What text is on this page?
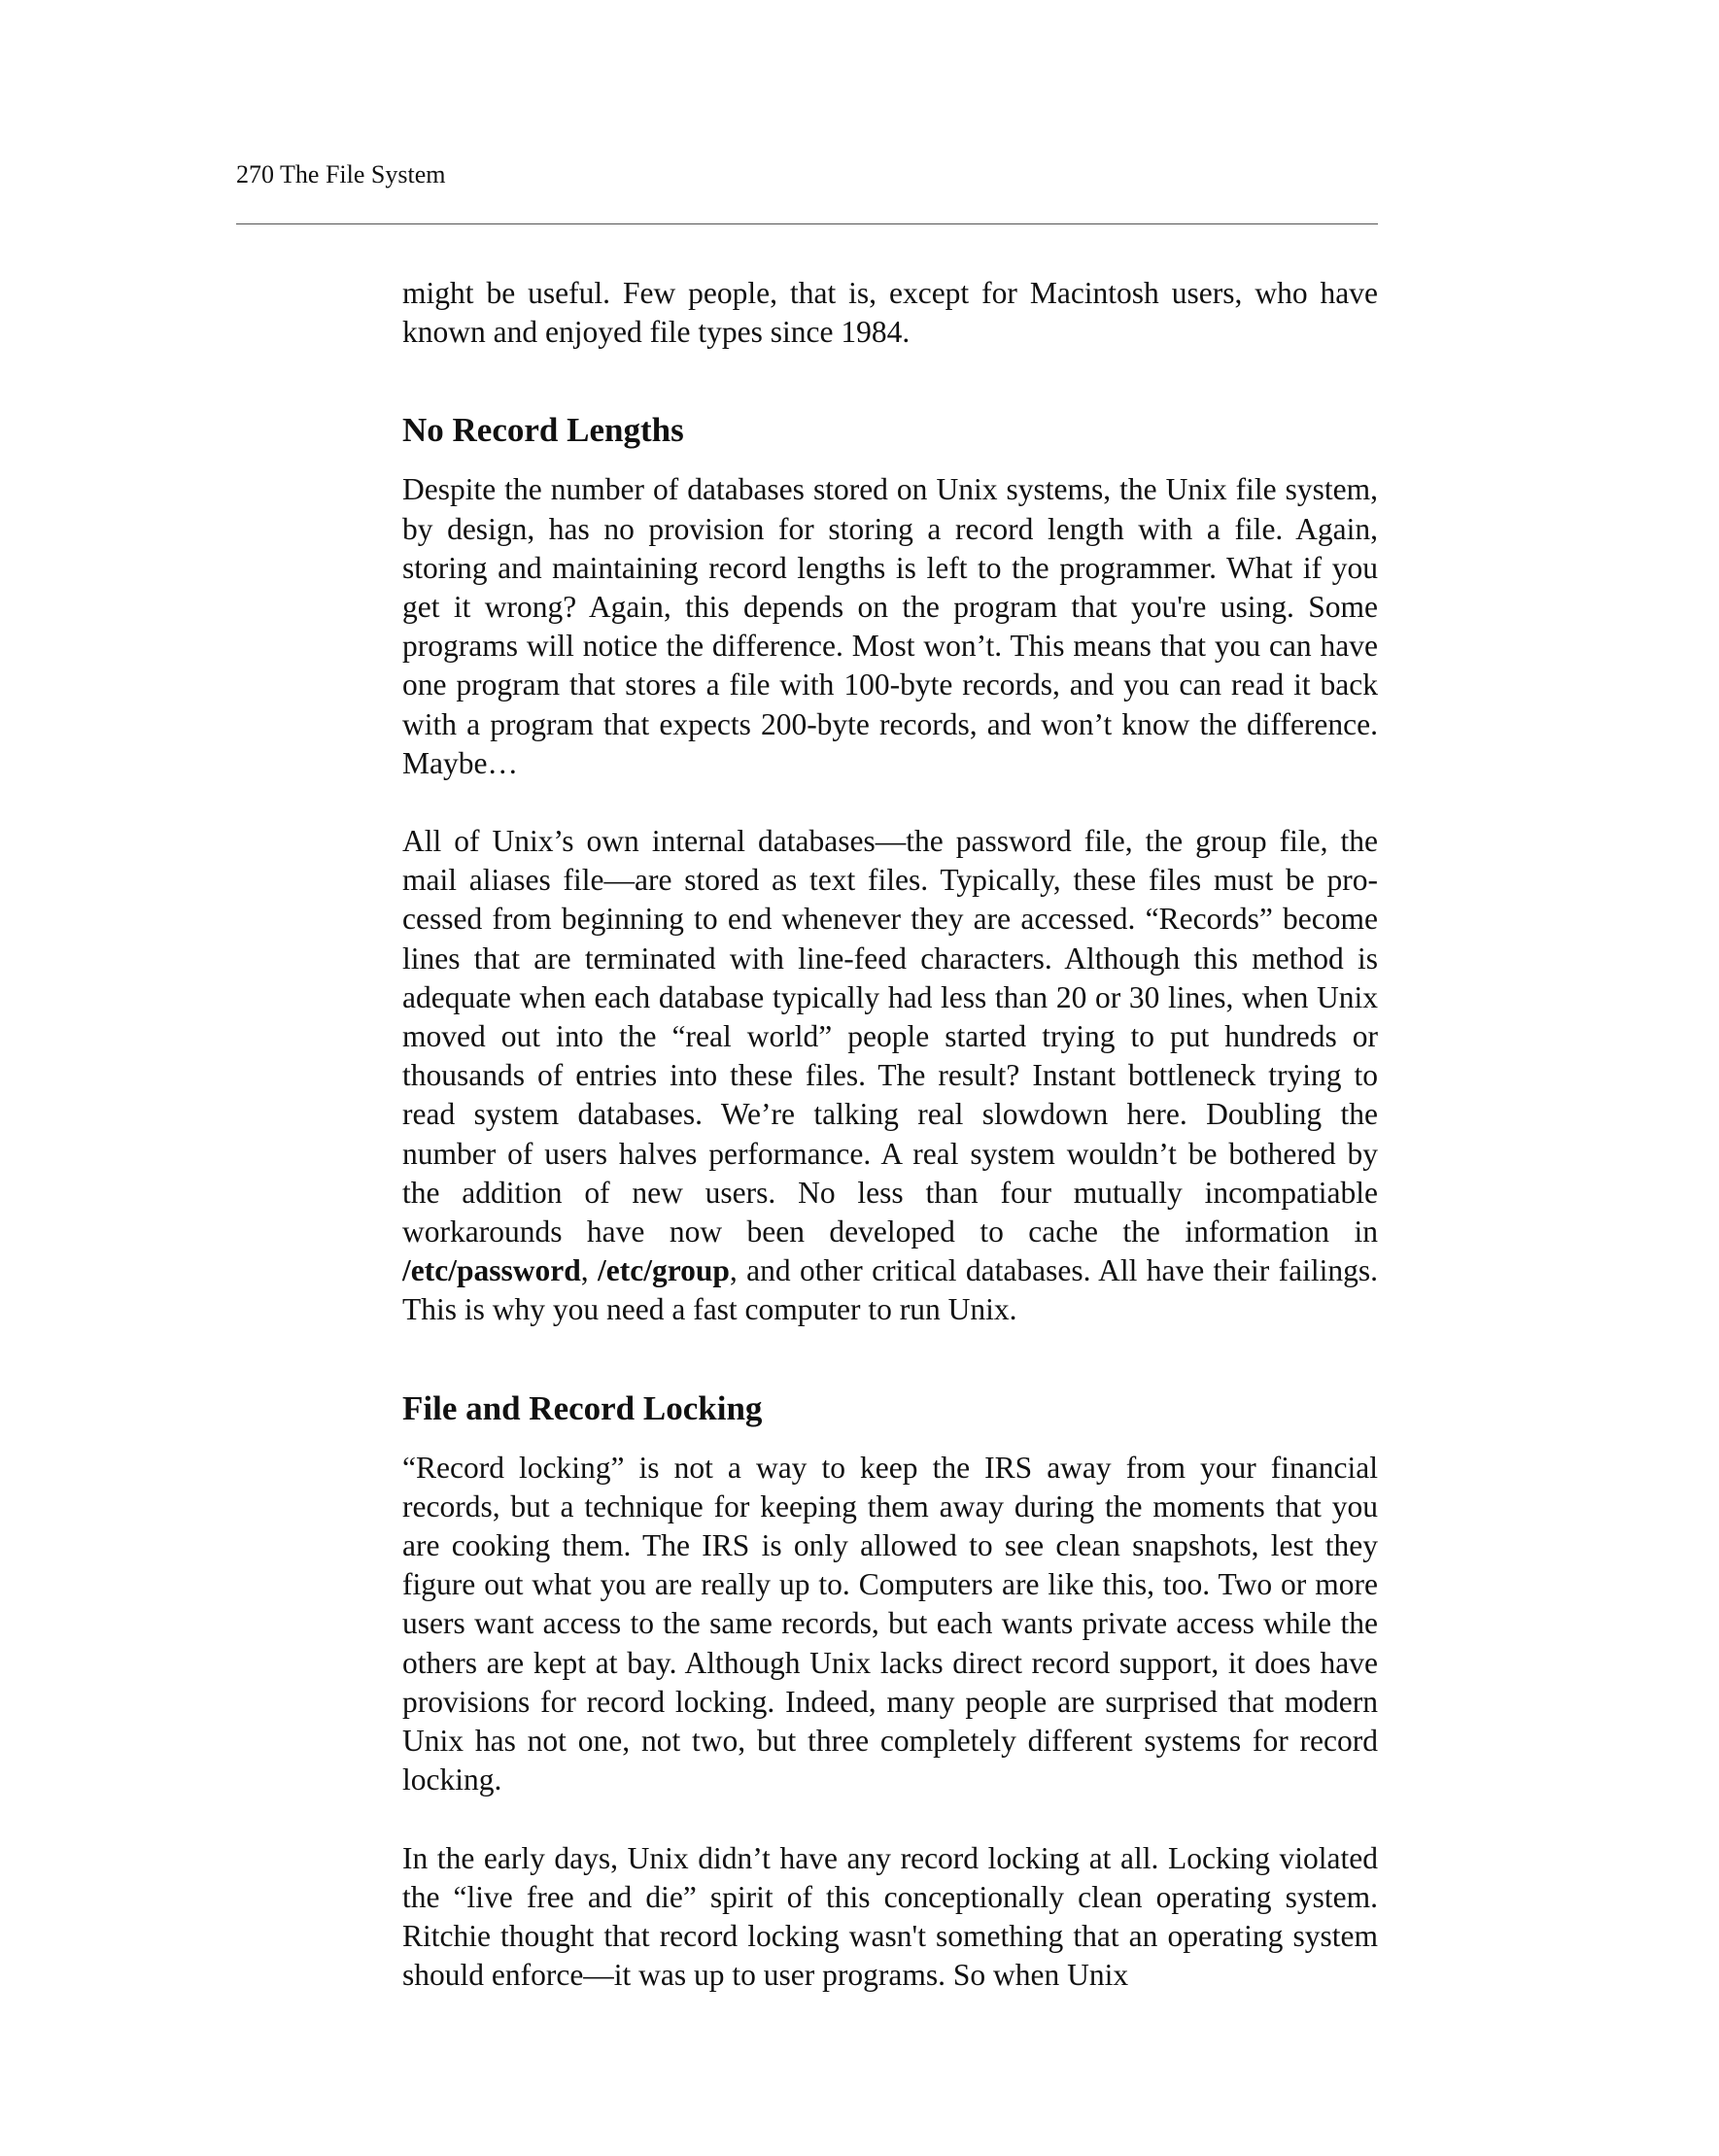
270 The File System

might be useful. Few people, that is, except for Macintosh users, who have known and enjoyed file types since 1984.

No Record Lengths

Despite the number of databases stored on Unix systems, the Unix file system, by design, has no provision for storing a record length with a file. Again, storing and maintaining record lengths is left to the programmer. What if you get it wrong? Again, this depends on the program that you're using. Some programs will notice the difference. Most won’t. This means that you can have one program that stores a file with 100-byte records, and you can read it back with a program that expects 200-byte records, and won’t know the difference. Maybe…

All of Unix’s own internal databases—the password file, the group file, the mail aliases file—are stored as text files. Typically, these files must be processed from beginning to end whenever they are accessed. “Records” become lines that are terminated with line-feed characters. Although this method is adequate when each database typically had less than 20 or 30 lines, when Unix moved out into the “real world” people started trying to put hundreds or thousands of entries into these files. The result? Instant bottleneck trying to read system databases. We’re talking real slowdown here. Doubling the number of users halves performance. A real system wouldn’t be bothered by the addition of new users. No less than four mutually incompatiable workarounds have now been developed to cache the information in /etc/password, /etc/group, and other critical databases. All have their failings. This is why you need a fast computer to run Unix.

File and Record Locking

“Record locking” is not a way to keep the IRS away from your financial records, but a technique for keeping them away during the moments that you are cooking them. The IRS is only allowed to see clean snapshots, lest they figure out what you are really up to. Computers are like this, too. Two or more users want access to the same records, but each wants private access while the others are kept at bay. Although Unix lacks direct record support, it does have provisions for record locking. Indeed, many people are surprised that modern Unix has not one, not two, but three completely different systems for record locking.

In the early days, Unix didn’t have any record locking at all. Locking violated the “live free and die” spirit of this conceptionally clean operating system. Ritchie thought that record locking wasn't something that an operating system should enforce—it was up to user programs. So when Unix
